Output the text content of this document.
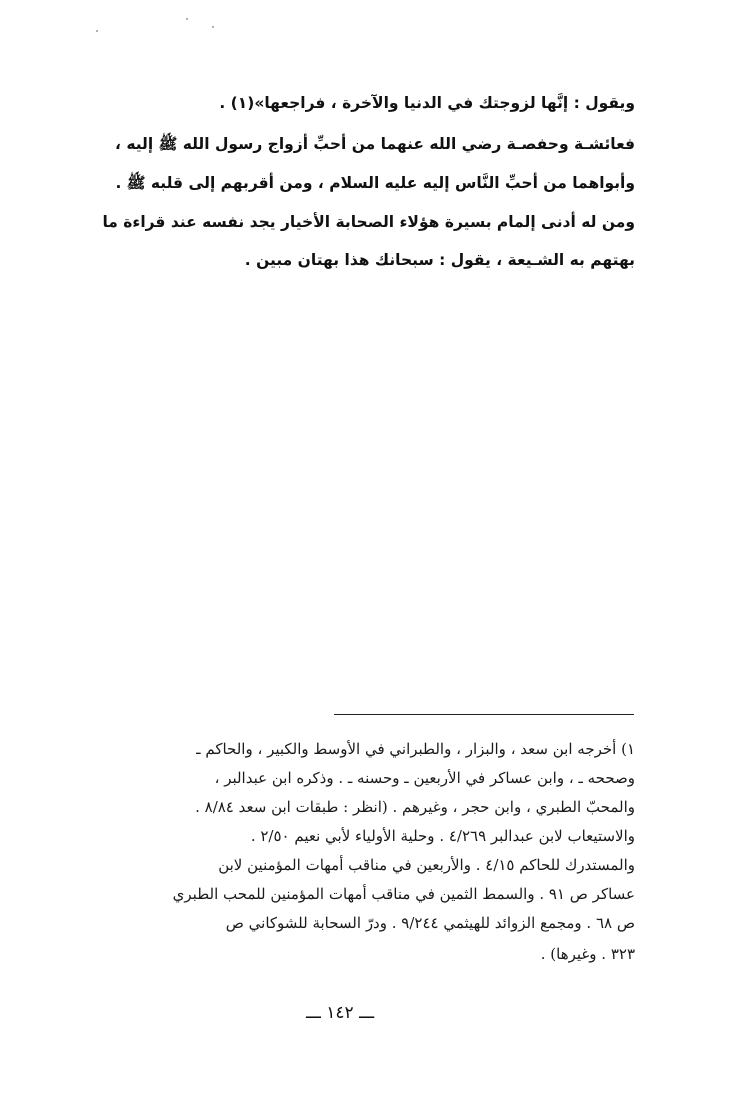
ويقول : إنَّها لزوجتك في الدنيا والآخرة ، فراجعها»(١) .
فعائشـة وحفصـة رضي الله عنهما من أحبِّ أزواج رسول الله ﷺ إليه ،
وأبواهما من أحبِّ النَّاس إليه عليه السلام ، ومن أقربهم إلى قلبه ﷺ .
ومن له أدنى إلمام بسيرة هؤلاء الصحابة الأخيار يجد نفسه عند قراءة ما
بهتهم به الشـيعة ، يقول : سبحانك هذا بهتان مبين .
١) أخرجه ابن سعد ، والبزار ، والطبراني في الأوسط والكبير ، والحاكم ـ
وصححه ـ ، وابن عساكر في الأربعين ـ وحسنه ـ . وذكره ابن عبدالبر ،
والمحبّ الطبري ، وابن حجر ، وغيرهم . (انظر : طبقات ابن سعد ٨/٨٤ .
والاستيعاب لابن عبدالبر ٤/٢٦٩ . وحلية الأولياء لأبي نعيم ٢/٥٠ .
والمستدرك للحاكم ٤/١٥ . والأربعين في مناقب أمهات المؤمنين لابن
عساكر ص ٩١ . والسمط الثمين في مناقب أمهات المؤمنين للمحب الطبري
ص ٦٨ . ومجمع الزوائد للهيثمي ٩/٢٤٤ . ودرّ السحابة للشوكاني ص
٣٢٣ . وغيرها) .
ـــ ١٤٢ ـــ
